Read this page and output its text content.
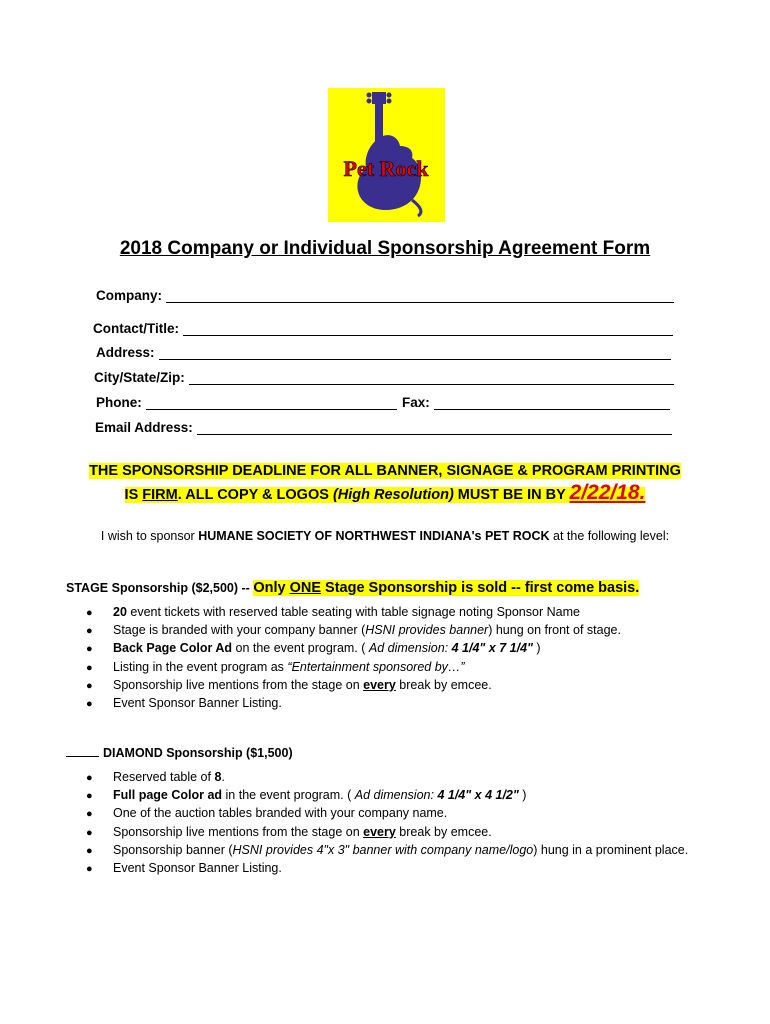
Pet Rock
2018 Company or Individual Sponsorship Agreement Form
Company:
Contact/Title:
Address:
City/State/Zip:
Phone:	Fax:
Email Address:
THE SPONSORSHIP DEADLINE FOR ALL BANNER, SIGNAGE & PROGRAM PRINTING
IS FIRM. ALL COPY & LOGOS (High Resolution) MUST BE IN BY 2/22/18.
I wish to sponsor HUMANE SOCIETY OF NORTHWEST INDIANA's PET ROCK at the following level:
STAGE Sponsorship ($2,500) -- Only ONE Stage Sponsorship is sold -- first come basis.
● 20 event tickets with reserved table seating with table signage noting Sponsor Name
● Stage is branded with your company banner (HSNI provides banner) hung on front of stage.
● Back Page Color Ad on the event program. ( Ad dimension: 4 1/4" x 7 1/4" )
● Listing in the event program as “Entertainment sponsored by…”
● Sponsorship live mentions from the stage on every break by emcee.
● Event Sponsor Banner Listing.
DIAMOND Sponsorship ($1,500)
● Reserved table of 8.
● Full page Color ad in the event program. ( Ad dimension: 4 1/4" x 4 1/2" )
● One of the auction tables branded with your company name.
● Sponsorship live mentions from the stage on every break by emcee.
● Sponsorship banner (HSNI provides 4"x 3" banner with company name/logo) hung in a prominent place.
● Event Sponsor Banner Listing.
